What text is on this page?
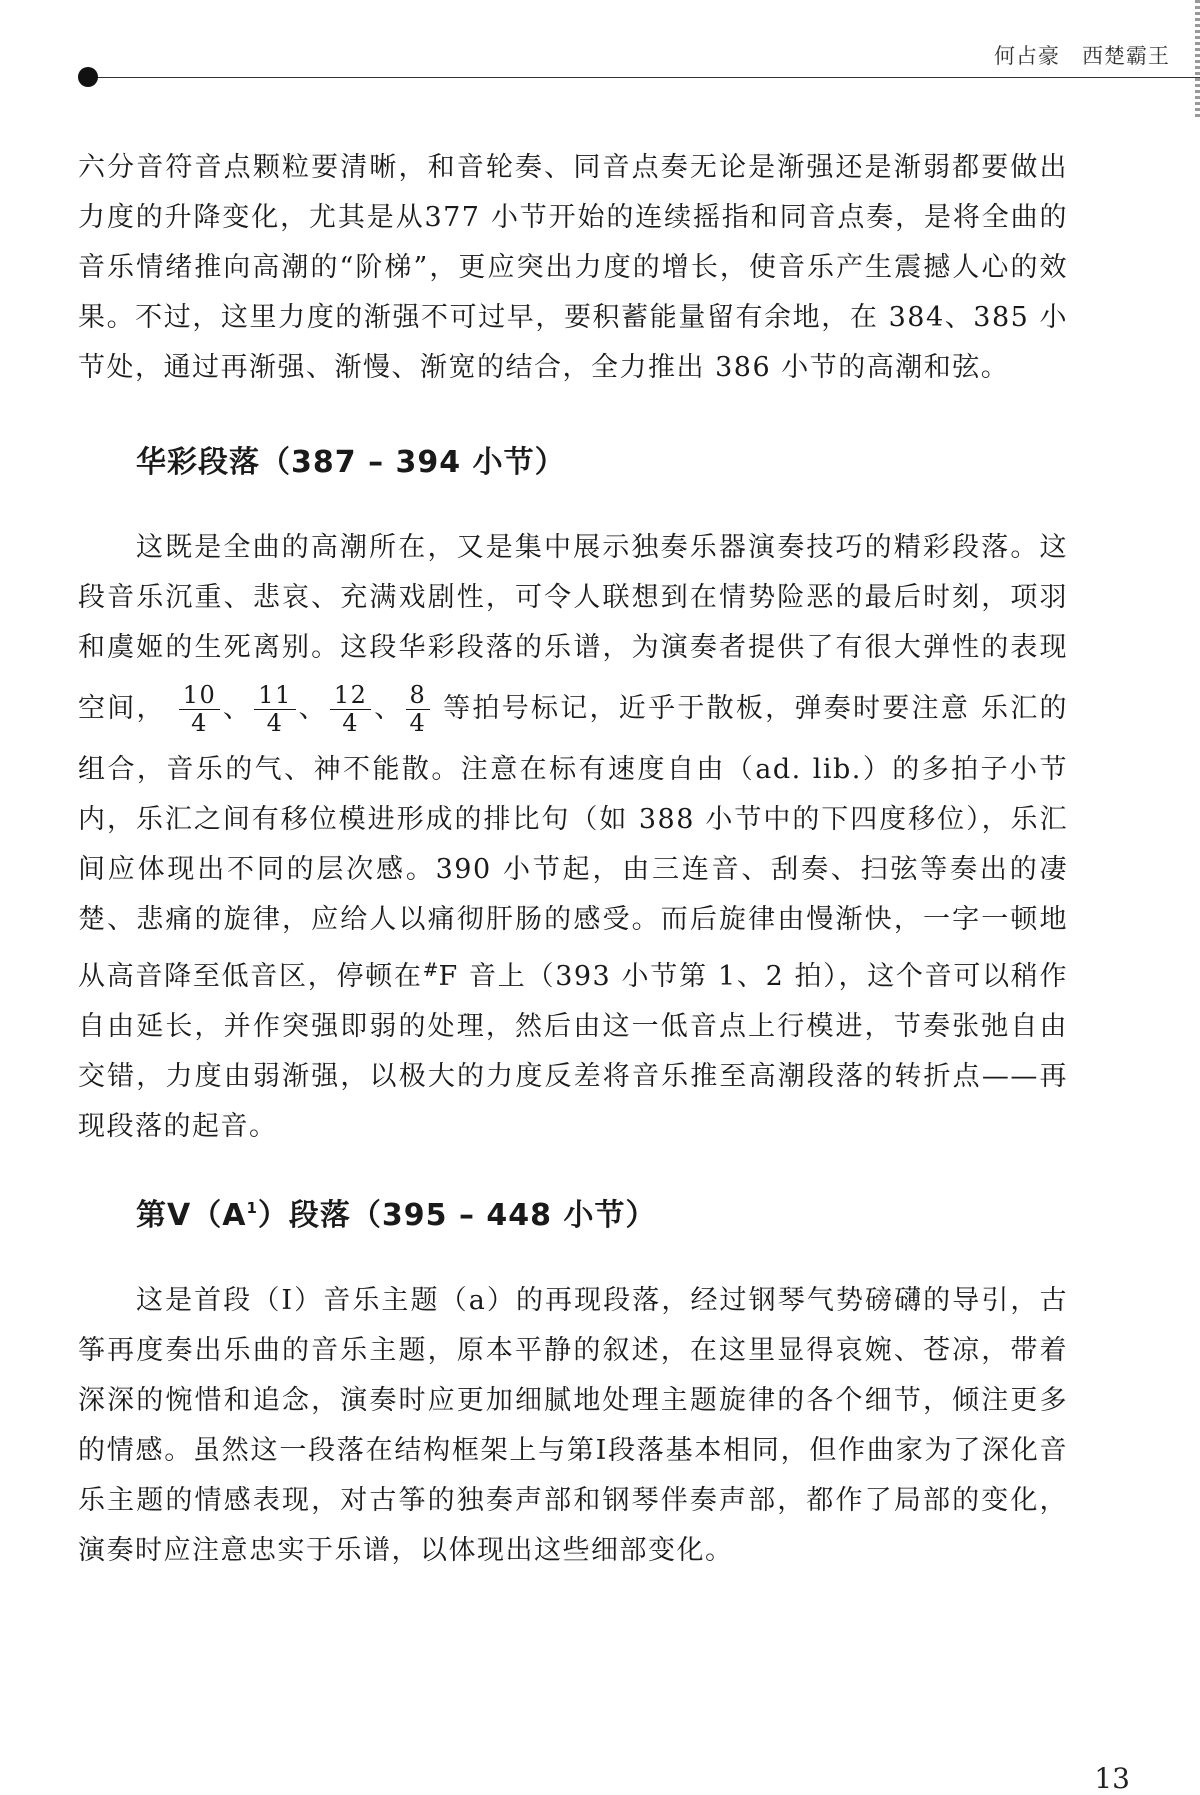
何占豪　西楚霸王

六分音符音点颗粒要清晰，和音轮奏、同音点奏无论是渐强还是渐弱都要做出力度的升降变化，尤其是从377 小节开始的连续摇指和同音点奏，是将全曲的音乐情绪推向高潮的“阶梯”，更应突出力度的增长，使音乐产生震撼人心的效果。不过，这里力度的渐强不可过早，要积蓄能量留有余地，在 384、385 小节处，通过再渐强、渐慢、渐宽的结合，全力推出 386 小节的高潮和弦。

华彩段落（387 – 394 小节）

这既是全曲的高潮所在，又是集中展示独奏乐器演奏技巧的精彩段落。这段音乐沉重、悲哀、充满戏剧性，可令人联想到在情势险恶的最后时刻，项羽和虞姬的生死离别。这段华彩段落的乐谱，为演奏者提供了有很大弹性的表现空间， $\frac{10}{4}$ 、 $\frac{11}{4}$ 、 $\frac{12}{4}$ 、 $\frac{8}{4}$ 等拍号标记，近乎于散板，弹奏时要注意 乐汇的组合，音乐的气、神不能散。注意在标有速度自由（ad. lib.）的多拍子小节内，乐汇之间有移位模进形成的排比句（如 388 小节中的下四度移位），乐汇间应体现出不同的层次感。390 小节起，由三连音、刮奏、扫弦等奏出的凄楚、悲痛的旋律，应给人以痛彻肝肠的感受。而后旋律由慢渐快，一字一顿地从高音降至低音区，停顿在#F 音上（393 小节第 1、2 拍），这个音可以稍作自由延长，并作突强即弱的处理，然后由这一低音点上行模进，节奏张弛自由交错，力度由弱渐强，以极大的力度反差将音乐推至高潮段落的转折点——再现段落的起音。

第$Ⅴ(A^1)$段落（395 – 448 小节）

这是首段（Ⅰ）音乐主题（a）的再现段落，经过钢琴气势磅礴的导引，古筝再度奏出乐曲的音乐主题，原本平静的叙述，在这里显得哀婉、苍凉，带着深深的惋惜和追念，演奏时应更加细腻地处理主题旋律的各个细节，倾注更多的情感。虽然这一段落在结构框架上与第Ⅰ段落基本相同，但作曲家为了深化音乐主题的情感表现，对古筝的独奏声部和钢琴伴奏声部，都作了局部的变化，演奏时应注意忠实于乐谱，以体现出这些细部变化。

13
